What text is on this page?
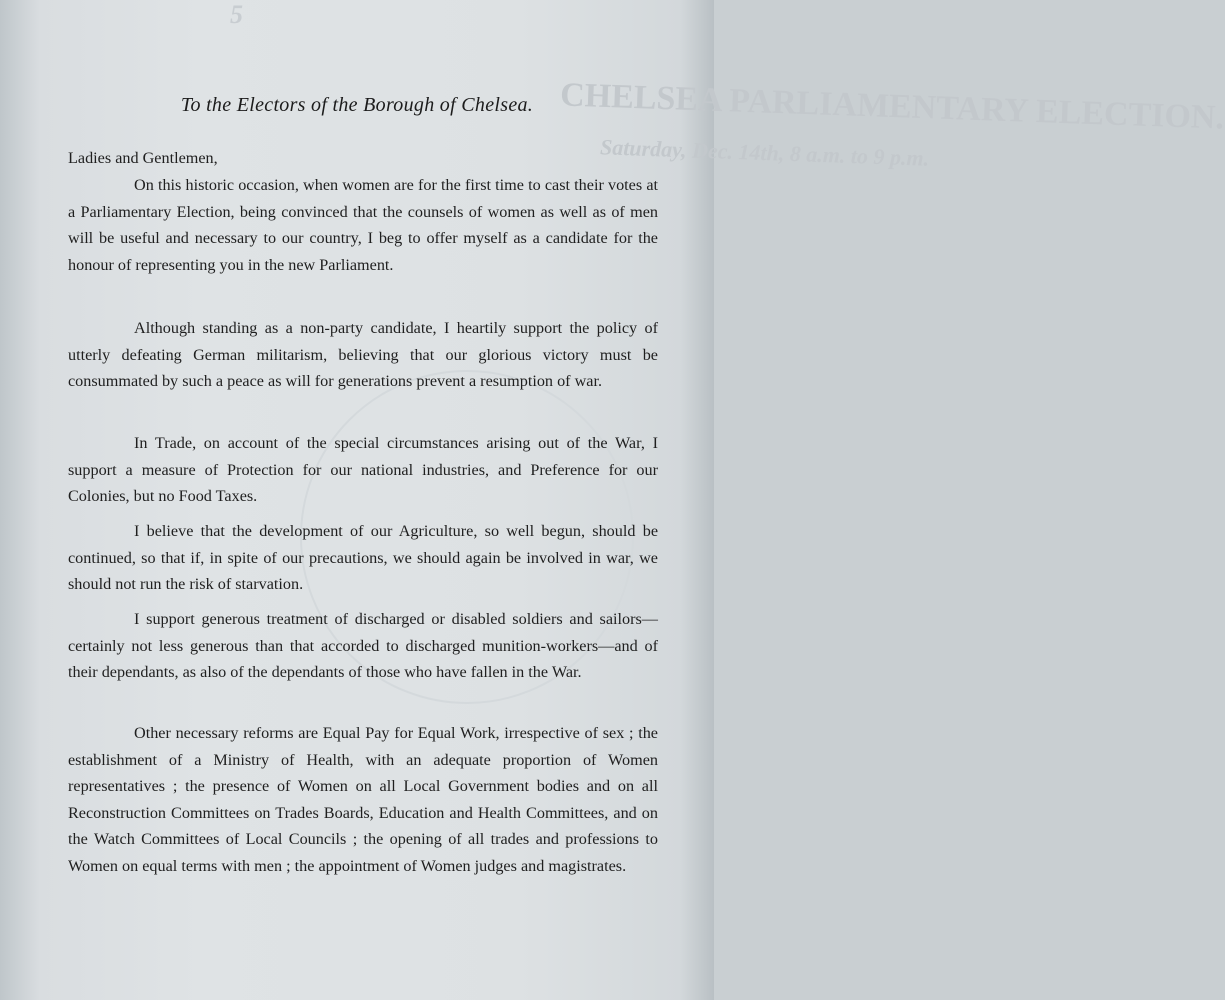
5
CHELSEA PARLIAMENTARY ELECTION.
Saturday, Dec. 14th, 8 a.m. to 9 p.m.
To the Electors of the Borough of Chelsea.

Ladies and Gentlemen,

On this historic occasion, when women are for the first time to cast their votes at a Parliamentary Election, being convinced that the counsels of women as well as of men will be useful and necessary to our country, I beg to offer myself as a candidate for the honour of representing you in the new Parliament.

Although standing as a non-party candidate, I heartily support the policy of utterly defeating German militarism, believing that our glorious victory must be consummated by such a peace as will for generations prevent a resumption of war.

In Trade, on account of the special circumstances arising out of the War, I support a measure of Protection for our national industries, and Preference for our Colonies, but no Food Taxes.

I believe that the development of our Agriculture, so well begun, should be continued, so that if, in spite of our precautions, we should again be involved in war, we should not run the risk of starvation.

I support generous treatment of discharged or disabled soldiers and sailors—certainly not less generous than that accorded to discharged munition-workers—and of their dependants, as also of the dependants of those who have fallen in the War.

Other necessary reforms are Equal Pay for Equal Work, irrespective of sex ; the establishment of a Ministry of Health, with an adequate proportion of Women representatives ; the presence of Women on all Local Government bodies and on all Reconstruction Committees on Trades Boards, Education and Health Committees, and on the Watch Committees of Local Councils ; the opening of all trades and professions to Women on equal terms with men ; the appointment of Women judges and magistrates.
